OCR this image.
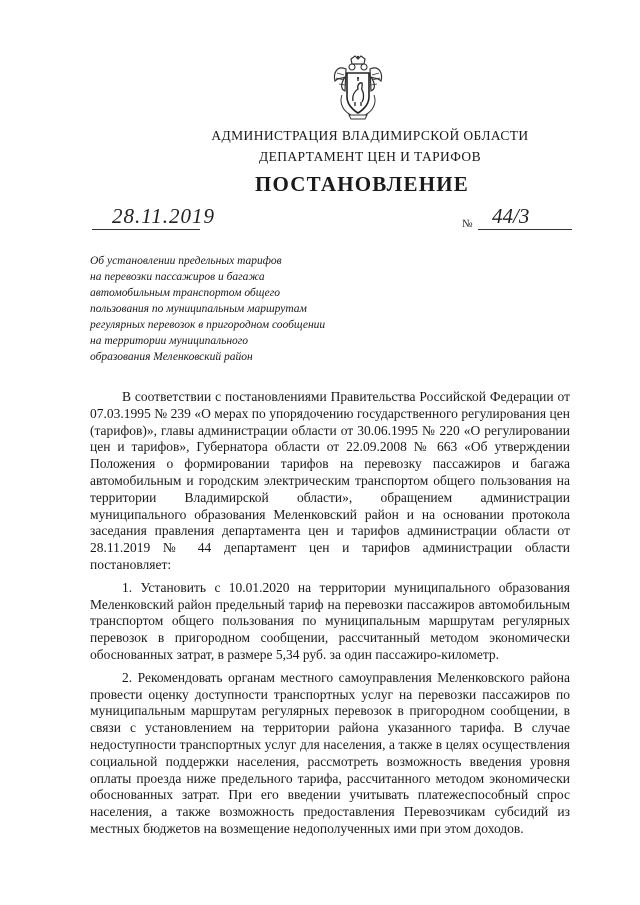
АДМИНИСТРАЦИЯ ВЛАДИМИРСКОЙ ОБЛАСТИ
ДЕПАРТАМЕНТ ЦЕН И ТАРИФОВ
ПОСТАНОВЛЕНИЕ
28.11.2019	№ 44/3
Об установлении предельных тарифов
на перевозки пассажиров и багажа
автомобильным транспортом общего
пользования по муниципальным маршрутам
регулярных перевозок в пригородном сообщении
на территории муниципального
образования Меленковский район

В соответствии с постановлениями Правительства Российской Федерации от 07.03.1995 № 239 «О мерах по упорядочению государственного регулирования цен (тарифов)», главы администрации области от 30.06.1995 № 220 «О регулировании цен и тарифов», Губернатора области от 22.09.2008 № 663 «Об утверждении Положения о формировании тарифов на перевозку пассажиров и багажа автомобильным и городским электрическим транспортом общего пользования на территории Владимирской области», обращением администрации муниципального образования Меленковский район и на основании протокола заседания правления департамента цен и тарифов администрации области от 28.11.2019 № 44 департамент цен и тарифов администрации области постановляет:

1. Установить с 10.01.2020 на территории муниципального образования Меленковский район предельный тариф на перевозки пассажиров автомобильным транспортом общего пользования по муниципальным маршрутам регулярных перевозок в пригородном сообщении, рассчитанный методом экономически обоснованных затрат, в размере 5,34 руб. за один пассажиро-километр.

2. Рекомендовать органам местного самоуправления Меленковского района провести оценку доступности транспортных услуг на перевозки пассажиров по муниципальным маршрутам регулярных перевозок в пригородном сообщении, в связи с установлением на территории района указанного тарифа. В случае недоступности транспортных услуг для населения, а также в целях осуществления социальной поддержки населения, рассмотреть возможность введения уровня оплаты проезда ниже предельного тарифа, рассчитанного методом экономически обоснованных затрат. При его введении учитывать платежеспособный спрос населения, а также возможность предоставления Перевозчикам субсидий из местных бюджетов на возмещение недополученных ими при этом доходов.
